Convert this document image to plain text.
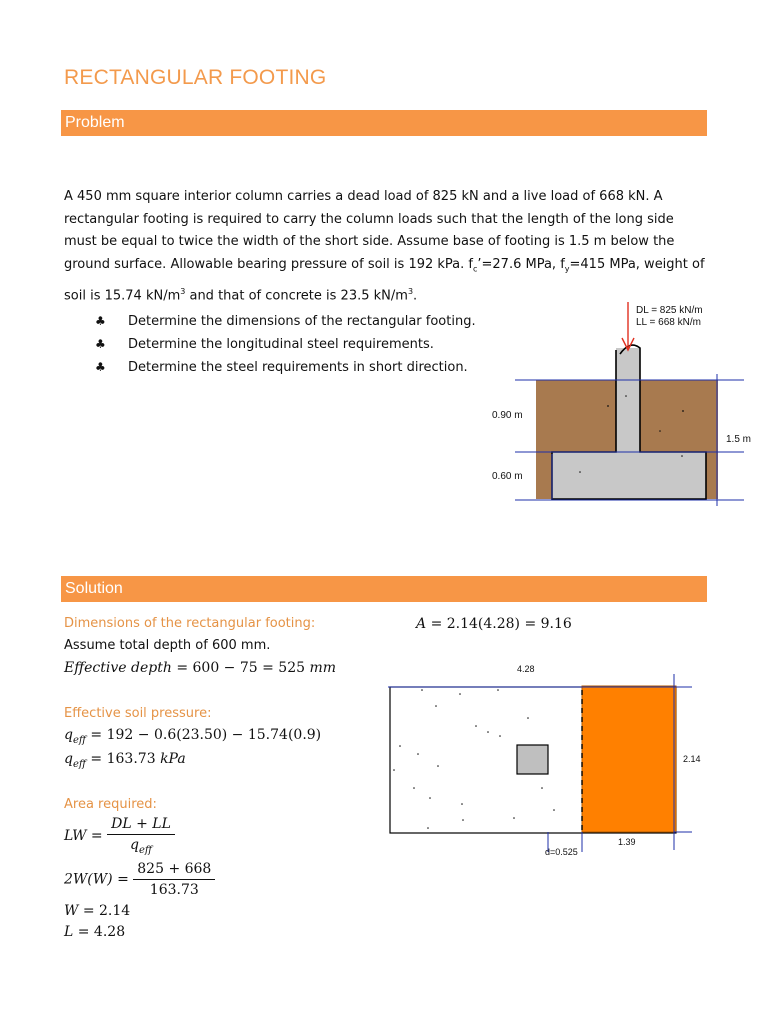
RECTANGULAR FOOTING
Problem
A 450 mm square interior column carries a dead load of 825 kN and a live load of 668 kN. A
rectangular footing is required to carry the column loads such that the length of the long side
must be equal to twice the width of the short side. Assume base of footing is 1.5 m below the
ground surface. Allowable bearing pressure of soil is 192 kPa. $f_c’=27.6$ MPa, $f_y=415$ MPa, weight of
soil is 15.74 $kN/m^3$ and that of concrete is 23.5 $kN/m^3$.
♣ Determine the dimensions of the rectangular footing.
♣ Determine the longitudinal steel requirements.
♣ Determine the steel requirements in short direction.
DL = 825 kN/m
LL = 668 kN/m
0.90 m
0.60 m
1.5 m
Solution
Dimensions of the rectangular footing:
Assume total depth of 600 mm.
Effective depth = 600 − 75 = 525 mm
Effective soil pressure:
$q_{eff} = 192 - 0.6(23.50) - 15.74(0.9)$
$q_{eff} = 163.73$ kPa
Area required:
LW = $\frac{DL + LL}{q_{eff}}$
$2W(W) = \frac{825 + 668}{163.73}$
W = 2.14
L = 4.28
A = 2.14(4.28) = 9.16
4.28
2.14
1.39
d=0.525
